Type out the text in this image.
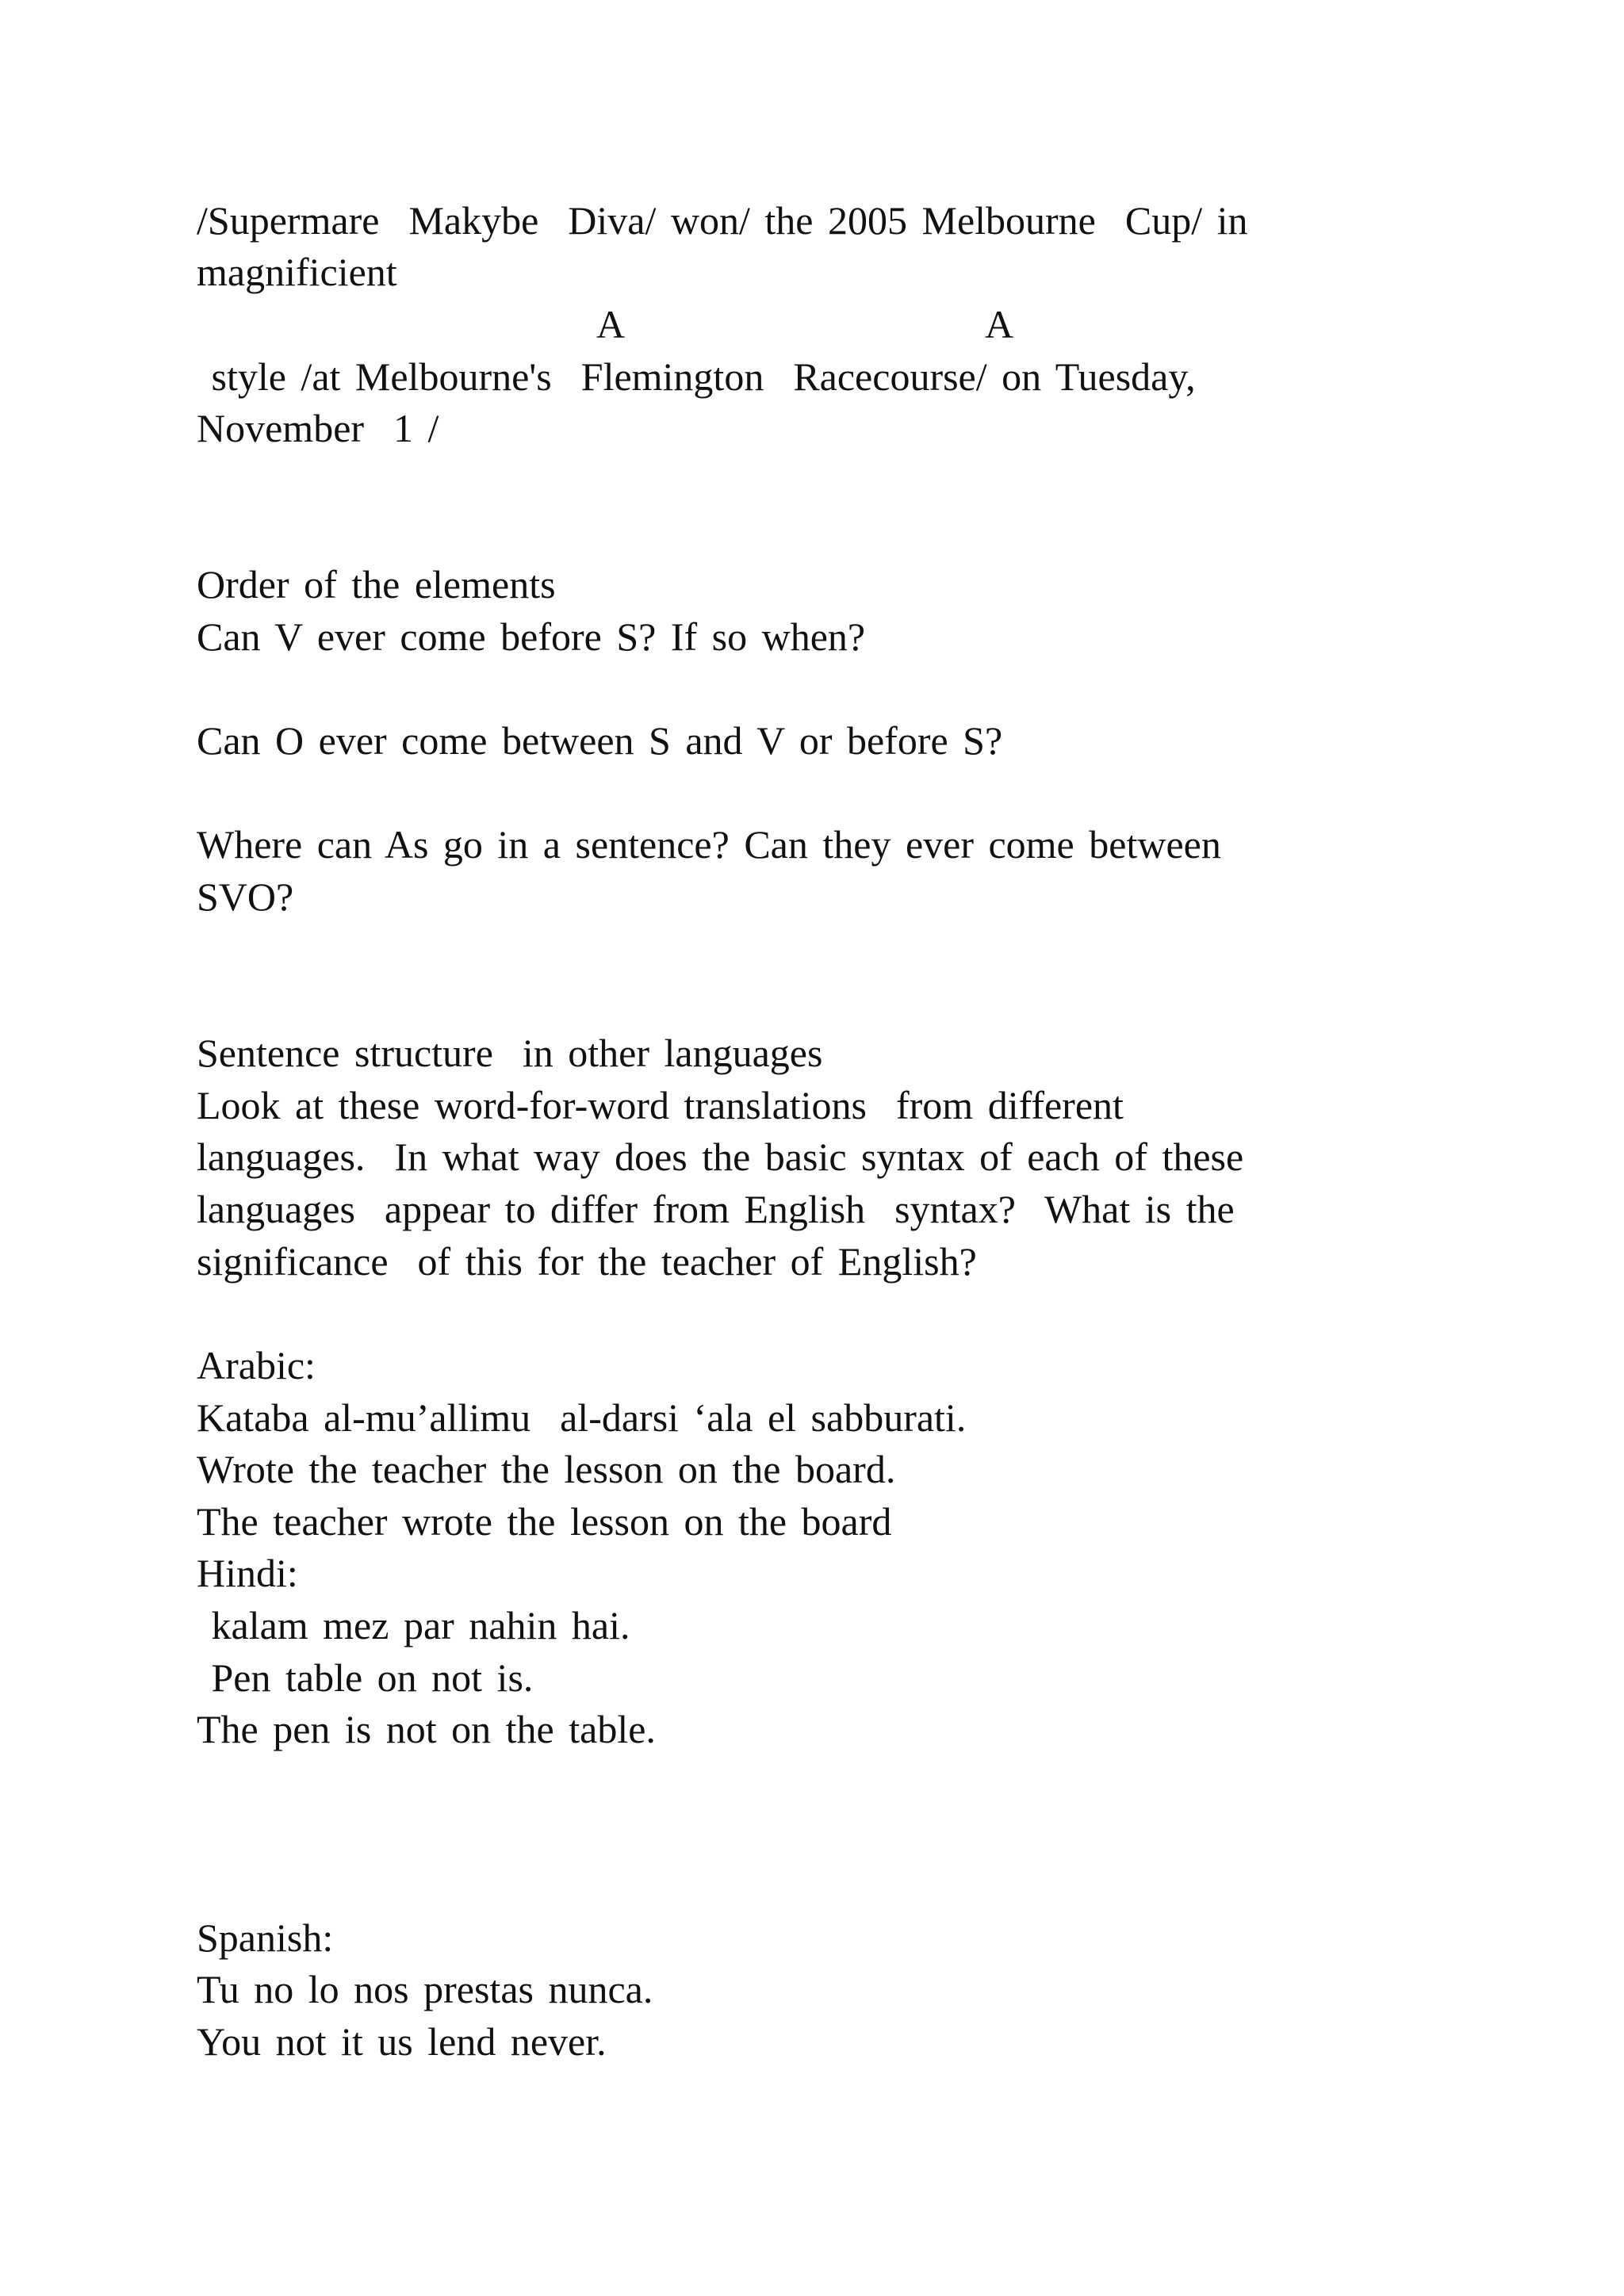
/Supermare  Makybe  Diva/ won/ the 2005 Melbourne  Cup/ in

magnificient

A	A

style /at Melbourne's  Flemington  Racecourse/ on Tuesday,

November  1 /

Order of the elements

Can V ever come before S? If so when?

Can O ever come between S and V or before S?

Where can As go in a sentence? Can they ever come between

SVO?

Sentence structure  in other languages

Look at these word-for-word translations  from different

languages.  In what way does the basic syntax of each of these

languages  appear to differ from English  syntax?  What is the

significance  of this for the teacher of English?

Arabic:

Kataba al-mu’allimu  al-darsi ‘ala el sabburati.

Wrote the teacher the lesson on the board.

The teacher wrote the lesson on the board

Hindi:

kalam mez par nahin hai.

Pen table on not is.

The pen is not on the table.

Spanish:

Tu no lo nos prestas nunca.

You not it us lend never.
